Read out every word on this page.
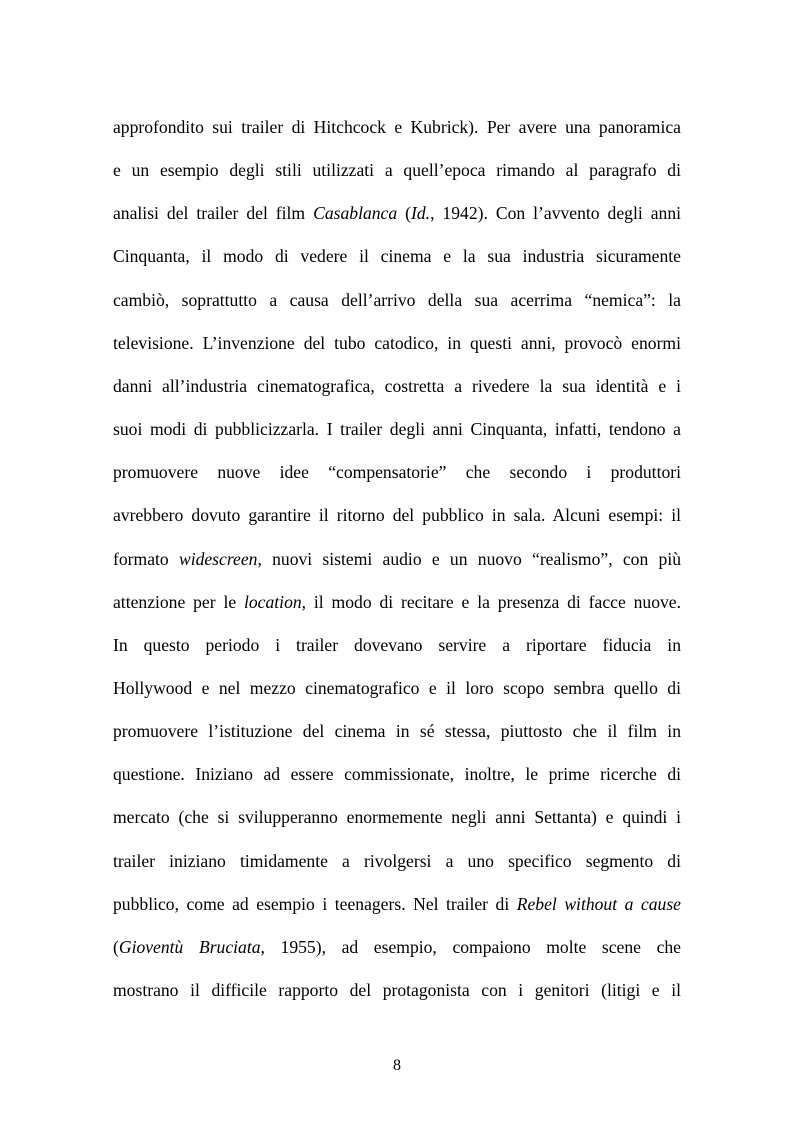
approfondito sui trailer di Hitchcock e Kubrick). Per avere una panoramica
e un esempio degli stili utilizzati a quell’epoca rimando al paragrafo di
analisi del trailer del film Casablanca (Id., 1942). Con l’avvento degli anni
Cinquanta, il modo di vedere il cinema e la sua industria sicuramente
cambiò, soprattutto a causa dell’arrivo della sua acerrima “nemica”: la
televisione. L’invenzione del tubo catodico, in questi anni, provocò enormi
danni all’industria cinematografica, costretta a rivedere la sua identità e i
suoi modi di pubblicizzarla. I trailer degli anni Cinquanta, infatti, tendono a
promuovere nuove idee “compensatorie” che secondo i produttori
avrebbero dovuto garantire il ritorno del pubblico in sala. Alcuni esempi: il
formato widescreen, nuovi sistemi audio e un nuovo “realismo”, con più
attenzione per le location, il modo di recitare e la presenza di facce nuove.
In questo periodo i trailer dovevano servire a riportare fiducia in
Hollywood e nel mezzo cinematografico e il loro scopo sembra quello di
promuovere l’istituzione del cinema in sé stessa, piuttosto che il film in
questione. Iniziano ad essere commissionate, inoltre, le prime ricerche di
mercato (che si svilupperanno enormemente negli anni Settanta) e quindi i
trailer iniziano timidamente a rivolgersi a uno specifico segmento di
pubblico, come ad esempio i teenagers. Nel trailer di Rebel without a cause
(Gioventù Bruciata, 1955), ad esempio, compaiono molte scene che
mostrano il difficile rapporto del protagonista con i genitori (litigi e il
8
